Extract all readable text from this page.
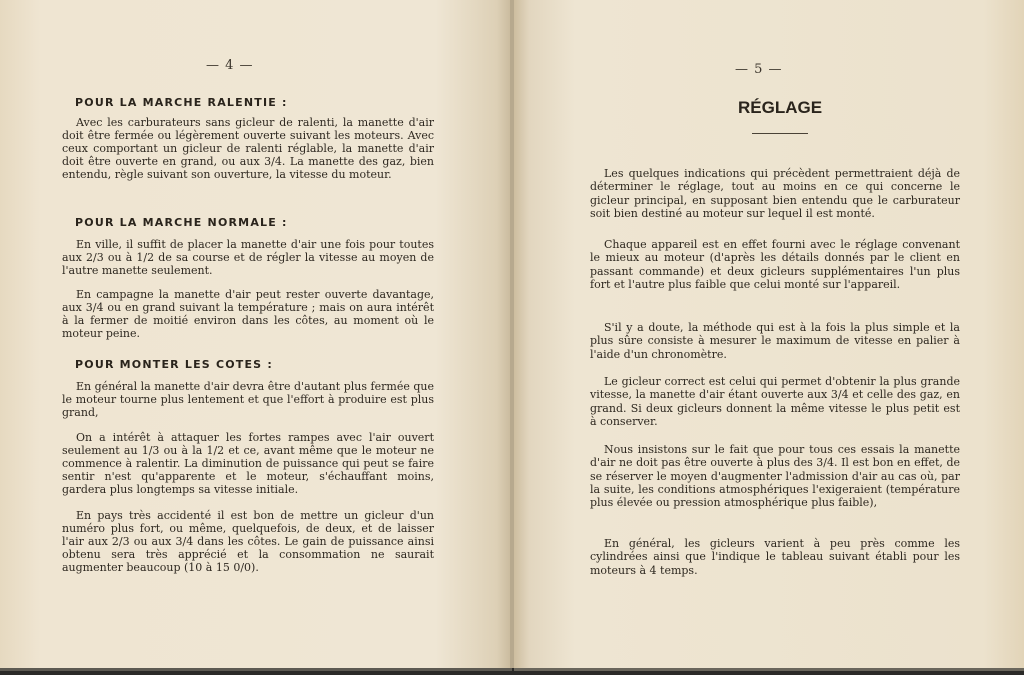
— 4 —
POUR LA MARCHE RALENTIE :
Avec les carburateurs sans gicleur de ralenti, la manette d'air doit être fermée ou légèrement ouverte suivant les moteurs. Avec ceux comportant un gicleur de ralenti réglable, la manette d'air doit être ouverte en grand, ou aux 3/4. La manette des gaz, bien entendu, règle suivant son ouverture, la vitesse du moteur.
POUR LA MARCHE NORMALE :
En ville, il suffit de placer la manette d'air une fois pour toutes aux 2/3 ou à 1/2 de sa course et de régler la vitesse au moyen de l'autre manette seulement.
En campagne la manette d'air peut rester ouverte davantage, aux 3/4 ou en grand suivant la température ; mais on aura intérêt à la fermer de moitié environ dans les côtes, au moment où le moteur peine.
POUR MONTER LES COTES :
En général la manette d'air devra être d'autant plus fermée que le moteur tourne plus lentement et que l'effort à produire est plus grand,
On a intérêt à attaquer les fortes rampes avec l'air ouvert seulement au 1/3 ou à la 1/2 et ce, avant même que le moteur ne commence à ralentir. La diminution de puissance qui peut se faire sentir n'est qu'apparente et le moteur, s'échauffant moins, gardera plus longtemps sa vitesse initiale.
En pays très accidenté il est bon de mettre un gicleur d'un numéro plus fort, ou même, quelquefois, de deux, et de laisser l'air aux 2/3 ou aux 3/4 dans les côtes. Le gain de puissance ainsi obtenu sera très apprécié et la consommation ne saurait augmenter beaucoup (10 à 15 0/0).
— 5 —
RÉGLAGE
Les quelques indications qui précèdent permettraient déjà de déterminer le réglage, tout au moins en ce qui concerne le gicleur principal, en supposant bien entendu que le carburateur soit bien destiné au moteur sur lequel il est monté.
Chaque appareil est en effet fourni avec le réglage convenant le mieux au moteur (d'après les détails donnés par le client en passant commande) et deux gicleurs supplémentaires l'un plus fort et l'autre plus faible que celui monté sur l'appareil.
S'il y a doute, la méthode qui est à la fois la plus simple et la plus sûre consiste à mesurer le maximum de vitesse en palier à l'aide d'un chronomètre.
Le gicleur correct est celui qui permet d'obtenir la plus grande vitesse, la manette d'air étant ouverte aux 3/4 et celle des gaz, en grand. Si deux gicleurs donnent la même vitesse le plus petit est à conserver.
Nous insistons sur le fait que pour tous ces essais la manette d'air ne doit pas être ouverte à plus des 3/4. Il est bon en effet, de se réserver le moyen d'augmenter l'admission d'air au cas où, par la suite, les conditions atmosphériques l'exigeraient (température plus élevée ou pression atmosphérique plus faible),
En général, les gicleurs varient à peu près comme les cylindrées ainsi que l'indique le tableau suivant établi pour les moteurs à 4 temps.
